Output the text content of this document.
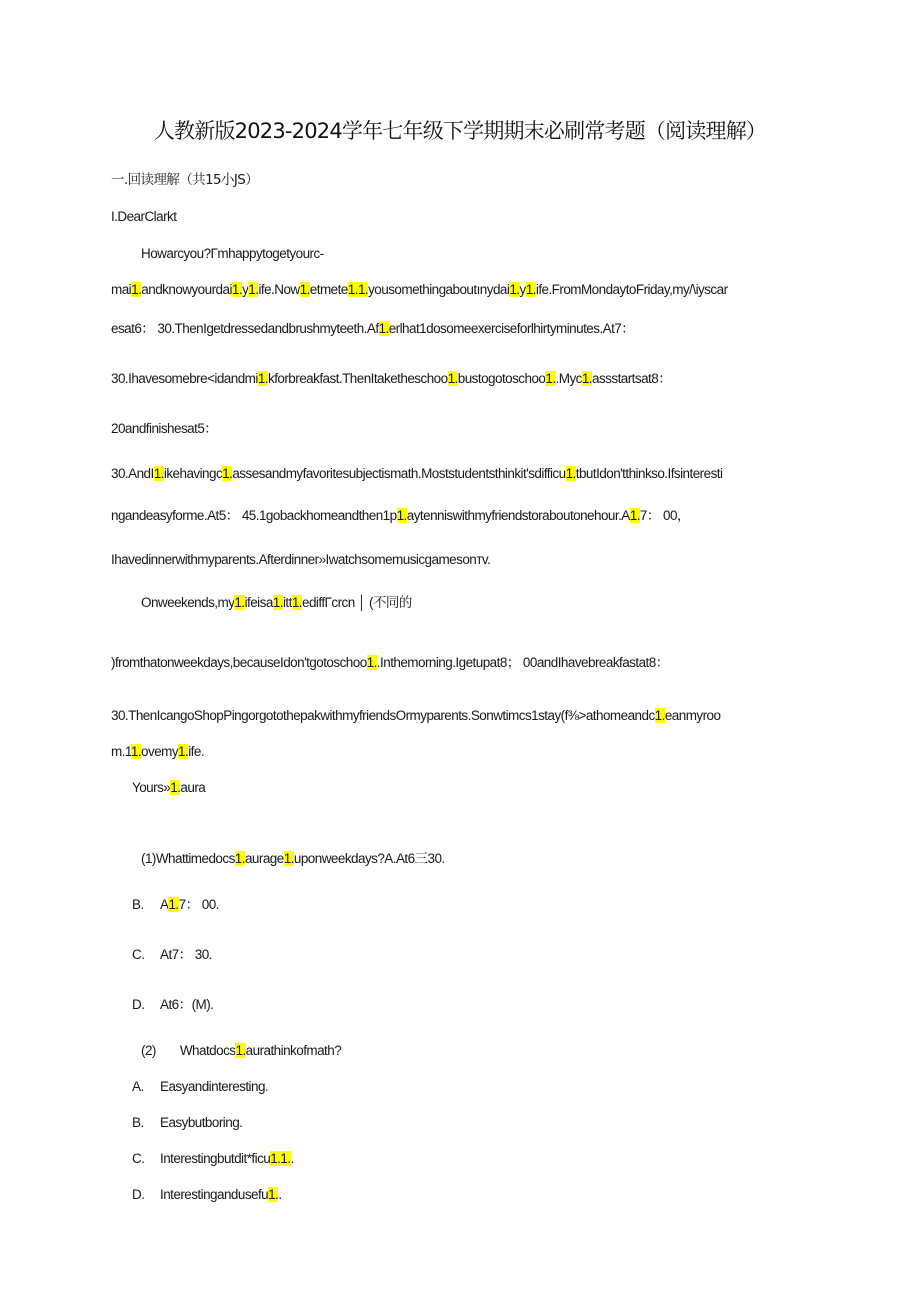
人教新版2023-2024学年七年级下学期期末必刷常考题（阅读理解）
一.回读理解（共15小JS）
I.DearClarkt
Howarcyou?Γmhappytogetyourc-
mai1.andknowyourdai1.y1.ife.Now1.etmete1.1.yousomethingaboutınydai1.y1.ife.FromMondaytoFriday,my/\iyscar
esat6： 30.ThenIgetdressedandbrushmyteeth.Af1.erlhat1dosomeexerciseforlhirtyminutes.At7：
30.Ihavesomebre<idandmi1.kforbreakfast.ThenItaketheschoo1.bustogotoschoo1..Myc1.assstartsat8：
20andfinishesat5：
30.AndI1.ikehavingc1.assesandmyfavoritesubjectismath.Moststudentsthinkit'sdifficu1.tbutIdon'tthinkso.Ifsinteresti
ngandeasyforme.At5： 45.1gobackhomeandthen1p1.aytenniswithmyfriendstoraboutonehour.A1.7： 00，
Ihavedinnerwithmyparents.Afterdinner»Iwatchsomemusicgamesonтv.
Onweekends,my1.ifeisa1.itt1.ediffΓcrcn │ (不同的
)fromthatonweekdays,becauseIdon'tgotoschoo1..Inthemorning.Igetupat8； 00andIhavebreakfastat8：
30.ThenIcangoShopPingorgotothepakwithmyfriendsOrmyparents.Sonwtimcs1stay(f⅜>athomeandc1.eanmyroo
m.11.ovemy1.ife.
Yours»1.aura
(1)Whattimedocs1.aurage1.uponweekdays?A.At6三30.
B. A1.7： 00.
C. At7： 30.
D. At6：(M).
(2) Whatdocs1.aurathinkofmath?
A. Easyandinteresting.
B. Easybutboring.
C. Interestingbutdit*ficu1.1..
D. Interestingandusefu1..
